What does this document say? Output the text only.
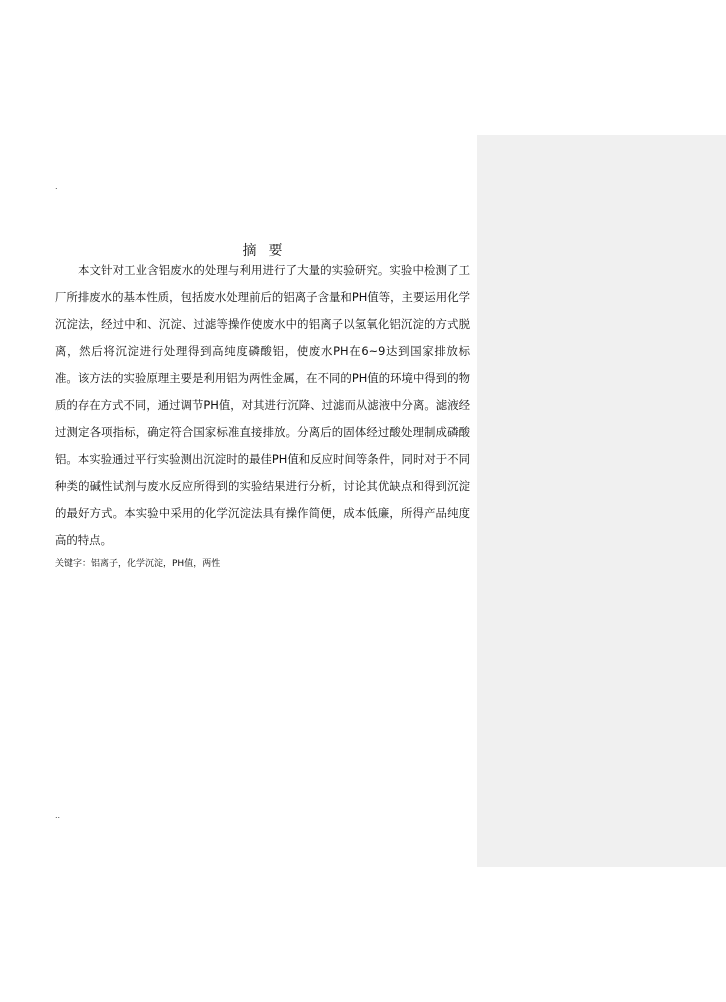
.
摘要

本文针对工业含铝废水的处理与利用进行了大量的实验研究。实验中检测了工厂所排废水的基本性质，包括废水处理前后的铝离子含量和PH值等，主要运用化学沉淀法，经过中和、沉淀、过滤等操作使废水中的铝离子以氢氧化铝沉淀的方式脱离，然后将沉淀进行处理得到高纯度磷酸铝，使废水PH在6~9达到国家排放标准。该方法的实验原理主要是利用铝为两性金属，在不同的PH值的环境中得到的物质的存在方式不同，通过调节PH值，对其进行沉降、过滤而从滤液中分离。滤液经过测定各项指标，确定符合国家标准直接排放。分离后的固体经过酸处理制成磷酸铝。本实验通过平行实验测出沉淀时的最佳PH值和反应时间等条件，同时对于不同种类的碱性试剂与废水反应所得到的实验结果进行分析，讨论其优缺点和得到沉淀的最好方式。本实验中采用的化学沉淀法具有操作简便，成本低廉，所得产品纯度高的特点。

关键字：铝离子，化学沉淀，PH值，两性
..
